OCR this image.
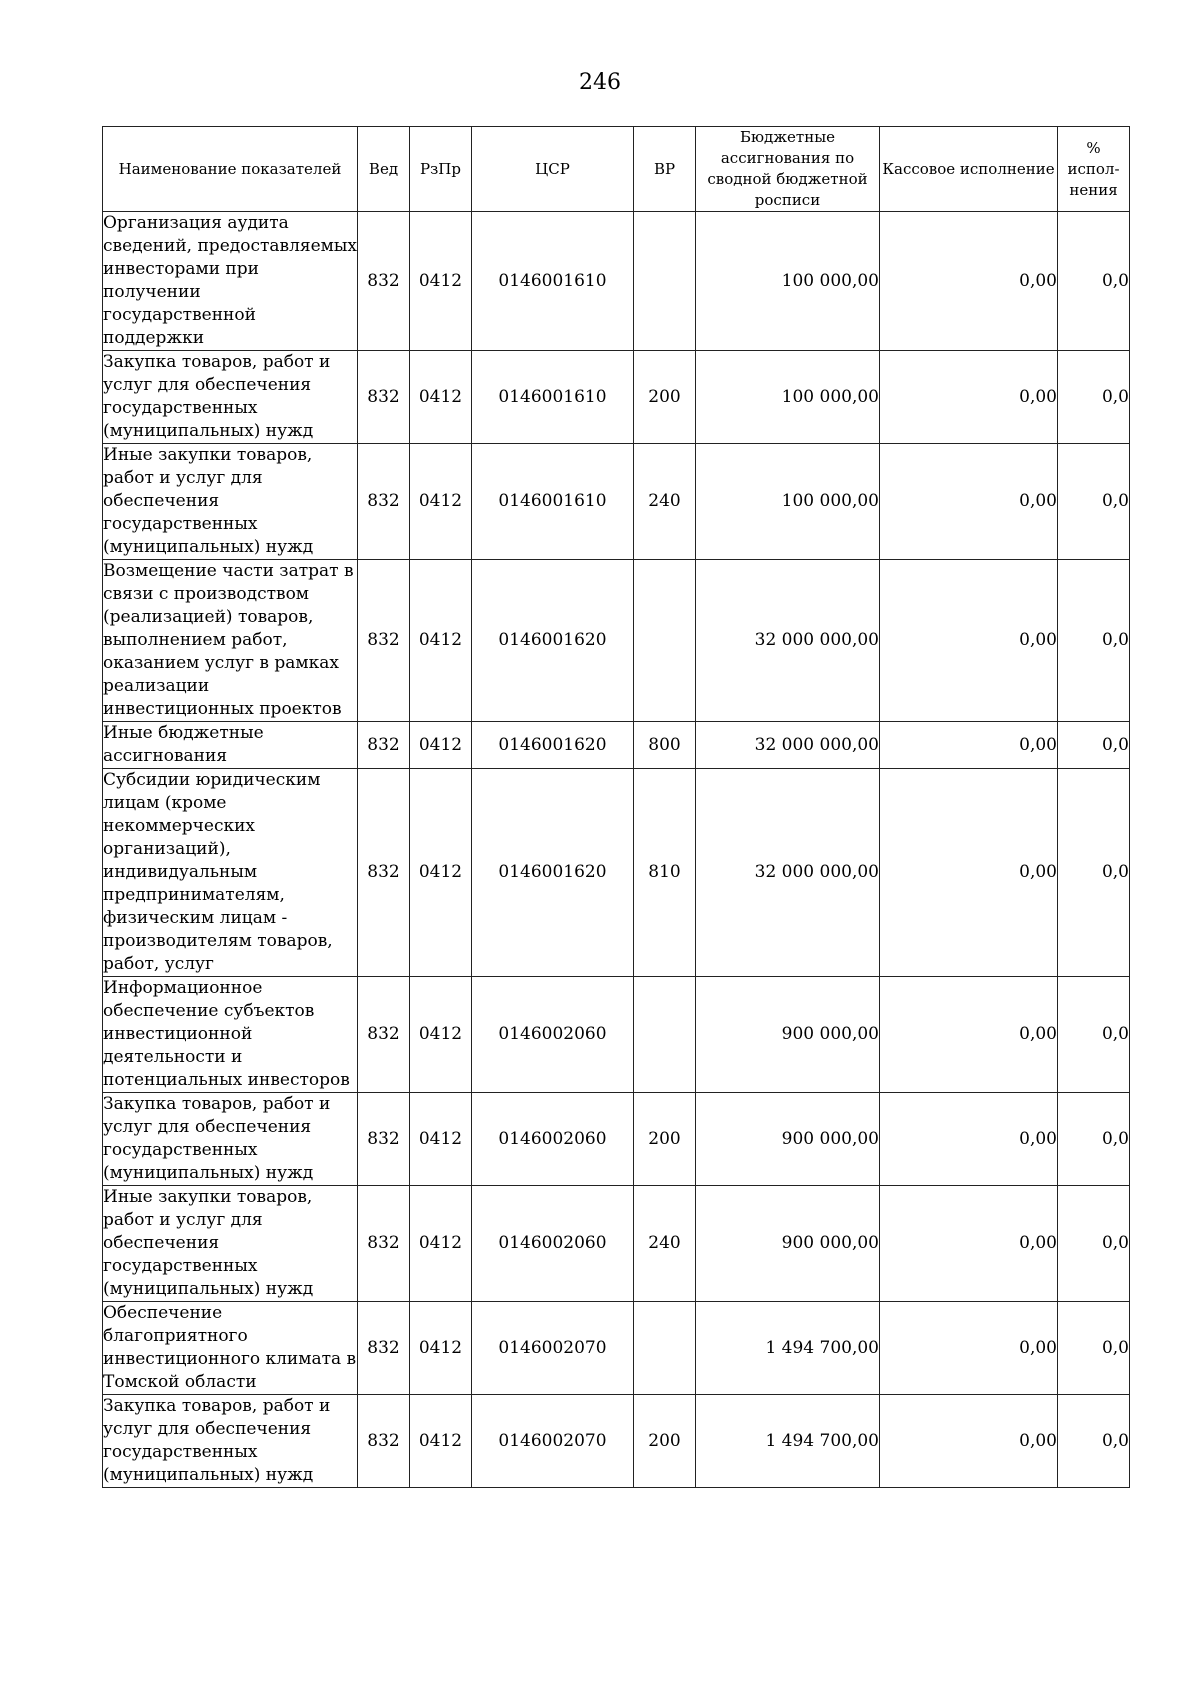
246
Наименование показателей	Вед	РзПр	ЦСР	ВР	Бюджетные ассигнования по сводной бюджетной росписи	Кассовое исполнение	% испол-нения
Организация аудита сведений, предоставляемых инвесторами при получении государственной поддержки	832	0412	0146001610		100 000,00	0,00	0,0
Закупка товаров, работ и услуг для обеспечения государственных (муниципальных) нужд	832	0412	0146001610	200	100 000,00	0,00	0,0
Иные закупки товаров, работ и услуг для обеспечения государственных (муниципальных) нужд	832	0412	0146001610	240	100 000,00	0,00	0,0
Возмещение части затрат в связи с производством (реализацией) товаров, выполнением работ, оказанием услуг в рамках реализации инвестиционных проектов	832	0412	0146001620		32 000 000,00	0,00	0,0
Иные бюджетные ассигнования	832	0412	0146001620	800	32 000 000,00	0,00	0,0
Субсидии юридическим лицам (кроме некоммерческих организаций), индивидуальным предпринимателям, физическим лицам - производителям товаров, работ, услуг	832	0412	0146001620	810	32 000 000,00	0,00	0,0
Информационное обеспечение субъектов инвестиционной деятельности и потенциальных инвесторов	832	0412	0146002060		900 000,00	0,00	0,0
Закупка товаров, работ и услуг для обеспечения государственных (муниципальных) нужд	832	0412	0146002060	200	900 000,00	0,00	0,0
Иные закупки товаров, работ и услуг для обеспечения государственных (муниципальных) нужд	832	0412	0146002060	240	900 000,00	0,00	0,0
Обеспечение благоприятного инвестиционного климата в Томской области	832	0412	0146002070		1 494 700,00	0,00	0,0
Закупка товаров, работ и услуг для обеспечения государственных (муниципальных) нужд	832	0412	0146002070	200	1 494 700,00	0,00	0,0
